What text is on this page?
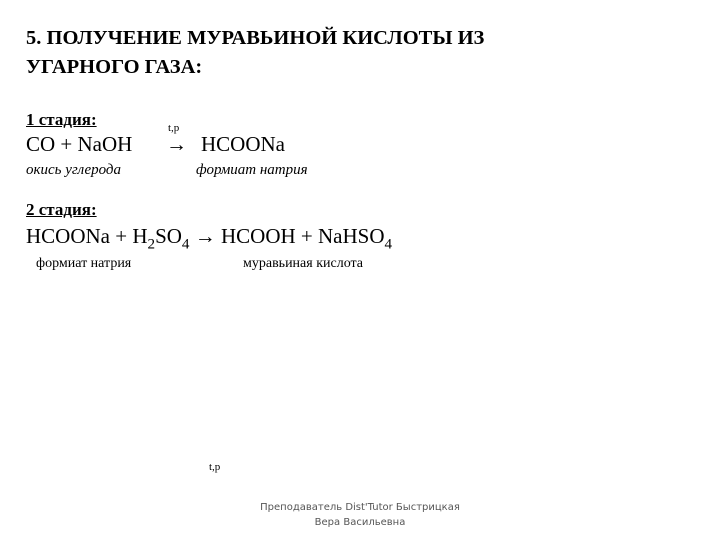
5. ПОЛУЧЕНИЕ МУРАВЬИНОЙ КИСЛОТЫ ИЗ
УГАРНОГО ГАЗА:
1 стадия:	t,p
CO + NaOH → HCOONa
окись углерода	формиат натрия
2 стадия:
HCOONa + $H_2SO_4$ → HCOOH + NaHSO$_4$
формиат натрия	муравьиная кислота
t,p
Преподаватель Dist'Tutor Быстрицкая
Вера Васильевна
